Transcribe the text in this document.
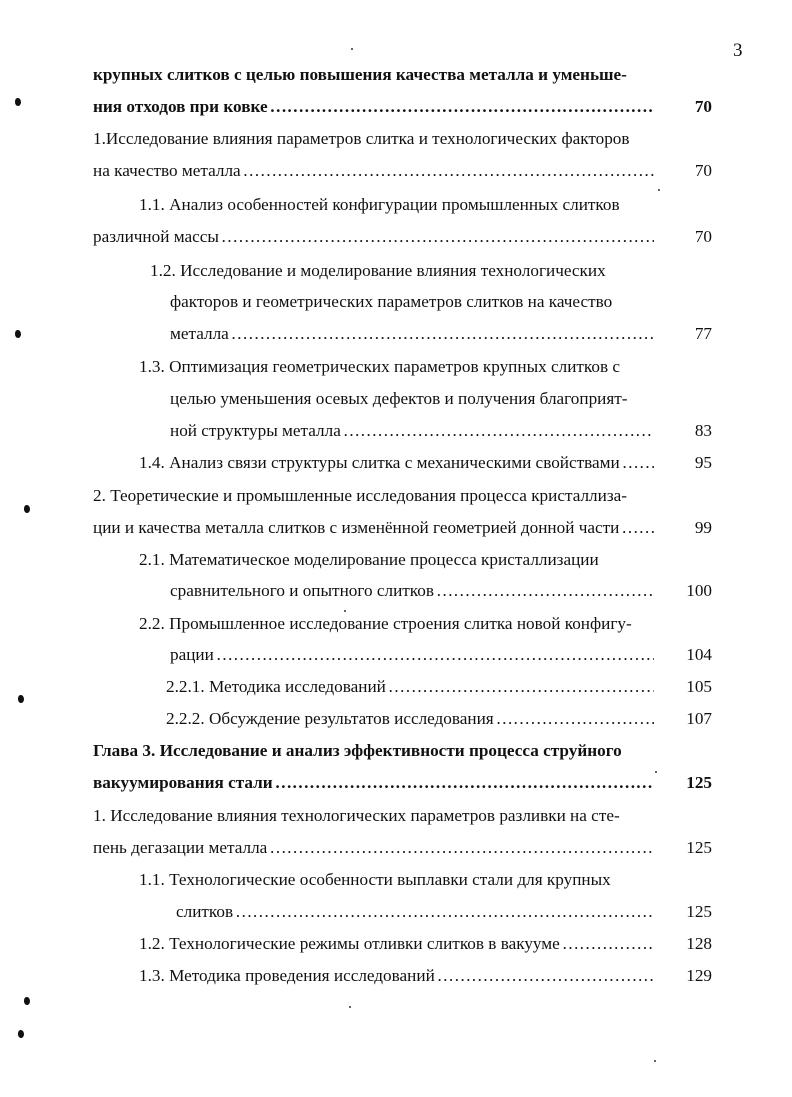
3
крупных слитков с целью повышения качества металла и уменьше-
ния отходов при ковке ……………………………………………………………………………………………………………………………………	70
1.Исследование влияния параметров слитка и технологических факторов
на качество металла ……………………………………………………………………………………………………………………………………	70
1.1. Анализ особенностей конфигурации промышленных слитков
различной массы ……………………………………………………………………………………………………………………………………	70
1.2. Исследование и моделирование влияния технологических
факторов и геометрических параметров слитков на качество
металла ……………………………………………………………………………………………………………………………………	77
1.3. Оптимизация геометрических параметров крупных слитков с
целью уменьшения осевых дефектов и получения благоприят-
ной структуры металла ……………………………………………………………………………………………………………………………………	83
1.4. Анализ связи структуры слитка с механическими свойствами ……………………………………………………………………………………………………………………………………	95
2. Теоретические и промышленные исследования процесса кристаллиза-
ции и качества металла слитков с изменённой геометрией донной части ……………………………………………………………………………………………………………………………………	99
2.1. Математическое моделирование процесса кристаллизации
сравнительного и опытного слитков ……………………………………………………………………………………………………………………………………	100
2.2. Промышленное исследование строения слитка новой конфигу-
рации ……………………………………………………………………………………………………………………………………	104
2.2.1. Методика исследований ……………………………………………………………………………………………………………………………………	105
2.2.2. Обсуждение результатов исследования ……………………………………………………………………………………………………………………………………	107
Глава 3. Исследование и анализ эффективности процесса струйного
вакуумирования стали ……………………………………………………………………………………………………………………………………	125
1. Исследование влияния технологических параметров разливки на сте-
пень дегазации металла ……………………………………………………………………………………………………………………………………	125
1.1. Технологические особенности выплавки стали для крупных
слитков ……………………………………………………………………………………………………………………………………	125
1.2. Технологические режимы отливки слитков в вакууме ……………………………………………………………………………………………………………………………………	128
1.3. Методика проведения исследований ……………………………………………………………………………………………………………………………………	129
